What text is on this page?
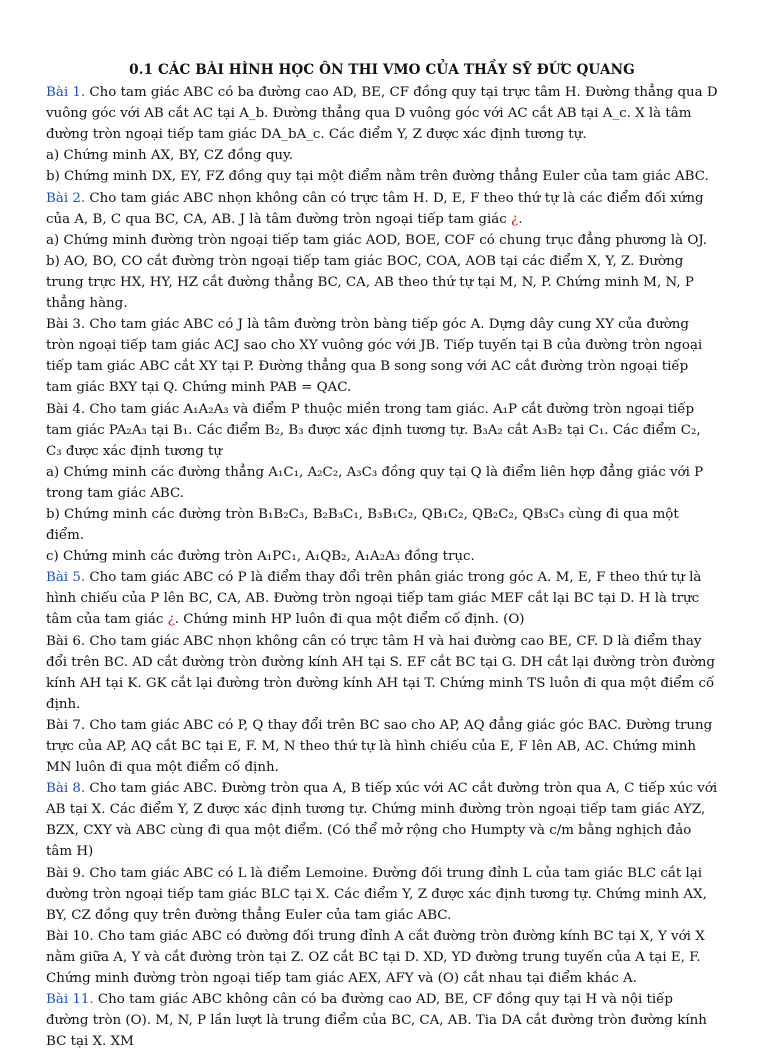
0.1 CÁC BÀI HÌNH HỌC ÔN THI VMO CỦA THẦY SỸ ĐỨC QUANG

Bài 1. Cho tam giác ABC có ba đường cao AD, BE, CF đồng quy tại trực tâm H. Đường thẳng qua D vuông góc với AB cắt AC tại A_b. Đường thẳng qua D vuông góc với AC cắt AB tại A_c. X là tâm đường tròn ngoại tiếp tam giác DA_bA_c. Các điểm Y, Z được xác định tương tự.

a) Chứng minh AX, BY, CZ đồng quy.

b) Chứng minh DX, EY, FZ đồng quy tại một điểm nằm trên đường thẳng Euler của tam giác ABC.

Bài 2. Cho tam giác ABC nhọn không cân có trực tâm H. D, E, F theo thứ tự là các điểm đối xứng của A, B, C qua BC, CA, AB. J là tâm đường tròn ngoại tiếp tam giác ¿.

a) Chứng minh đường tròn ngoại tiếp tam giác AOD, BOE, COF có chung trục đẳng phương là OJ.

b) AO, BO, CO cắt đường tròn ngoại tiếp tam giác BOC, COA, AOB tại các điểm X, Y, Z. Đường trung trực HX, HY, HZ cắt đường thẳng BC, CA, AB theo thứ tự tại M, N, P. Chứng minh M, N, P thẳng hàng.

Bài 3. Cho tam giác ABC có J là tâm đường tròn bàng tiếp góc A. Dựng dây cung XY của đường tròn ngoại tiếp tam giác ACJ sao cho XY vuông góc với JB. Tiếp tuyến tại B của đường tròn ngoại tiếp tam giác ABC cắt XY tại P. Đường thẳng qua B song song với AC cắt đường tròn ngoại tiếp tam giác BXY tại Q. Chứng minh PAB = QAC.

Bài 4. Cho tam giác A₁A₂A₃ và điểm P thuộc miền trong tam giác. A₁P cắt đường tròn ngoại tiếp tam giác PA₂A₃ tại B₁. Các điểm B₂, B₃ được xác định tương tự. B₃A₂ cắt A₃B₂ tại C₁. Các điểm C₂, C₃ được xác định tương tự

a) Chứng minh các đường thẳng A₁C₁, A₂C₂, A₃C₃ đồng quy tại Q là điểm liên hợp đẳng giác với P trong tam giác ABC.

b) Chứng minh các đường tròn B₁B₂C₃, B₂B₃C₁, B₃B₁C₂, QB₁C₂, QB₂C₂, QB₃C₃ cùng đi qua một điểm.

c) Chứng minh các đường tròn A₁PC₁, A₁QB₂, A₁A₂A₃ đồng trục.

Bài 5. Cho tam giác ABC có P là điểm thay đổi trên phân giác trong góc A. M, E, F theo thứ tự là hình chiếu của P lên BC, CA, AB. Đường tròn ngoại tiếp tam giác MEF cắt lại BC tại D. H là trực tâm của tam giác ¿. Chứng minh HP luôn đi qua một điểm cố định. (O)

Bài 6. Cho tam giác ABC nhọn không cân có trực tâm H và hai đường cao BE, CF. D là điểm thay đổi trên BC. AD cắt đường tròn đường kính AH tại S. EF cắt BC tại G. DH cắt lại đường tròn đường kính AH tại K. GK cắt lại đường tròn đường kính AH tại T. Chứng minh TS luôn đi qua một điểm cố định.

Bài 7. Cho tam giác ABC có P, Q thay đổi trên BC sao cho AP, AQ đẳng giác góc BAC. Đường trung trực của AP, AQ cắt BC tại E, F. M, N theo thứ tự là hình chiếu của E, F lên AB, AC. Chứng minh MN luôn đi qua một điểm cố định.

Bài 8. Cho tam giác ABC. Đường tròn qua A, B tiếp xúc với AC cắt đường tròn qua A, C tiếp xúc với AB tại X. Các điểm Y, Z được xác định tương tự. Chứng minh đường tròn ngoại tiếp tam giác AYZ, BZX, CXY và ABC cùng đi qua một điểm. (Có thể mở rộng cho Humpty và c/m bằng nghịch đảo tâm H)

Bài 9. Cho tam giác ABC có L là điểm Lemoine. Đường đối trung đỉnh L của tam giác BLC cắt lại đường tròn ngoại tiếp tam giác BLC tại X. Các điểm Y, Z được xác định tương tự. Chứng minh AX, BY, CZ đồng quy trên đường thẳng Euler của tam giác ABC.

Bài 10. Cho tam giác ABC có đường đối trung đỉnh A cắt đường tròn đường kính BC tại X, Y với X nằm giữa A, Y và cắt đường tròn tại Z. OZ cắt BC tại D. XD, YD đường trung tuyến của A tại E, F. Chứng minh đường tròn ngoại tiếp tam giác AEX, AFY và (O) cắt nhau tại điểm khác A.

Bài 11. Cho tam giác ABC không cân có ba đường cao AD, BE, CF đồng quy tại H và nội tiếp đường tròn (O). M, N, P lần lượt là trung điểm của BC, CA, AB. Tia DA cắt đường tròn đường kính BC tại X. XM
